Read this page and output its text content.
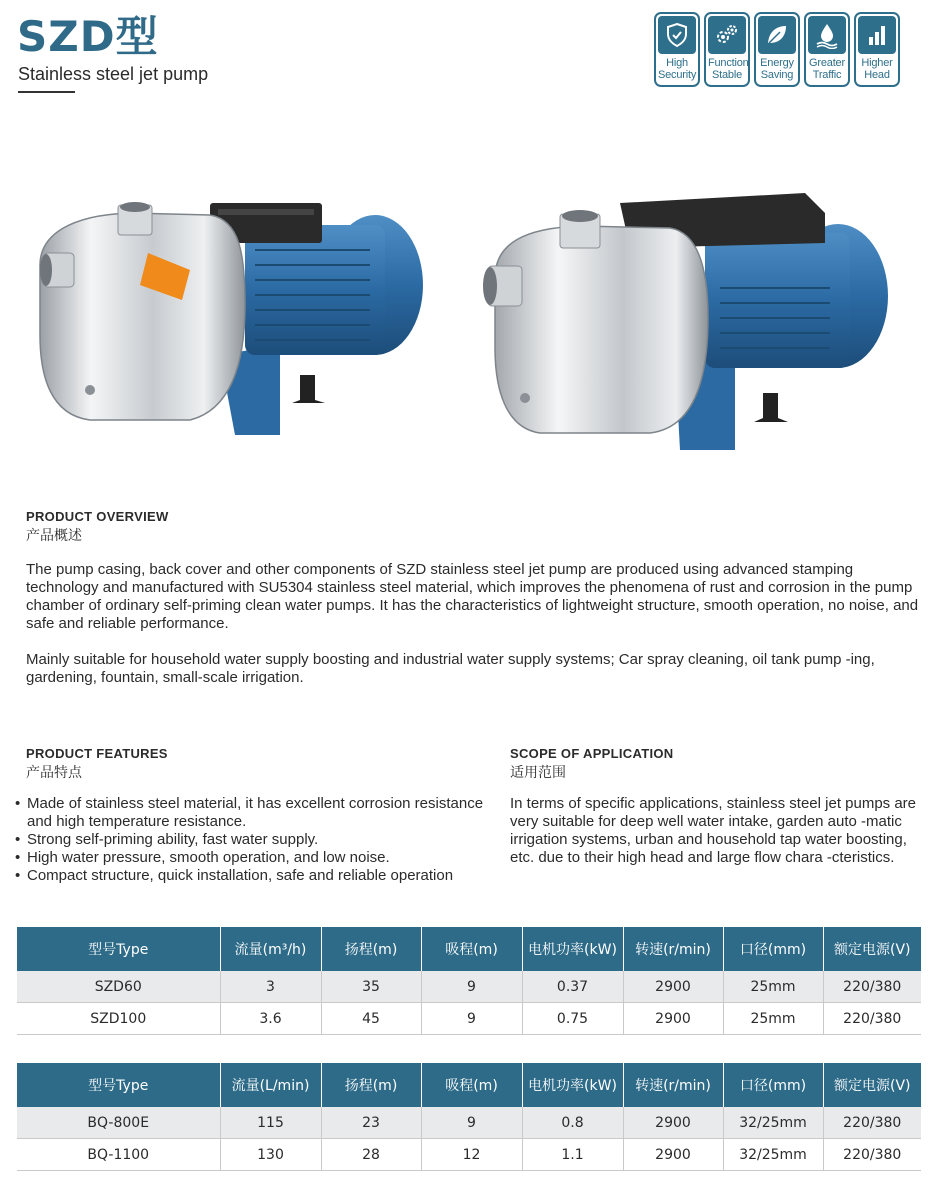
SZD型
Stainless steel jet pump
High
Security
Function
Stable
Energy
Saving
Greater
Traffic
Higher
Head
PRODUCT OVERVIEW
产品概述
The pump casing, back cover and other components of SZD stainless steel jet pump are produced using advanced stamping technology and manufactured with SU5304 stainless steel material, which improves the phenomena of rust and corrosion in the pump chamber of ordinary self-priming clean water pumps. It has the characteristics of lightweight structure, smooth operation, no noise, and safe and reliable performance.
Mainly suitable for household water supply boosting and industrial water supply systems; Car spray cleaning, oil tank pump -ing, gardening, fountain, small-scale irrigation.
PRODUCT FEATURES
产品特点
• Made of stainless steel material, it has excellent corrosion resistance and high temperature resistance.
• Strong self-priming ability, fast water supply.
• High water pressure, smooth operation, and low noise.
• Compact structure, quick installation, safe and reliable operation
SCOPE OF APPLICATION
适用范围
In terms of specific applications, stainless steel jet pumps are very suitable for deep well water intake, garden auto -matic irrigation systems, urban and household tap water boosting, etc. due to their high head and large flow chara -cteristics.
型号Type	流量(m³/h)	扬程(m)	吸程(m)	电机功率(kW)	转速(r/min)	口径(mm)	额定电源(V)
SZD60	3	35	9	0.37	2900	25mm	220/380
SZD100	3.6	45	9	0.75	2900	25mm	220/380
型号Type	流量(L/min)	扬程(m)	吸程(m)	电机功率(kW)	转速(r/min)	口径(mm)	额定电源(V)
BQ-800E	115	23	9	0.8	2900	32/25mm	220/380
BQ-1100	130	28	12	1.1	2900	32/25mm	220/380
